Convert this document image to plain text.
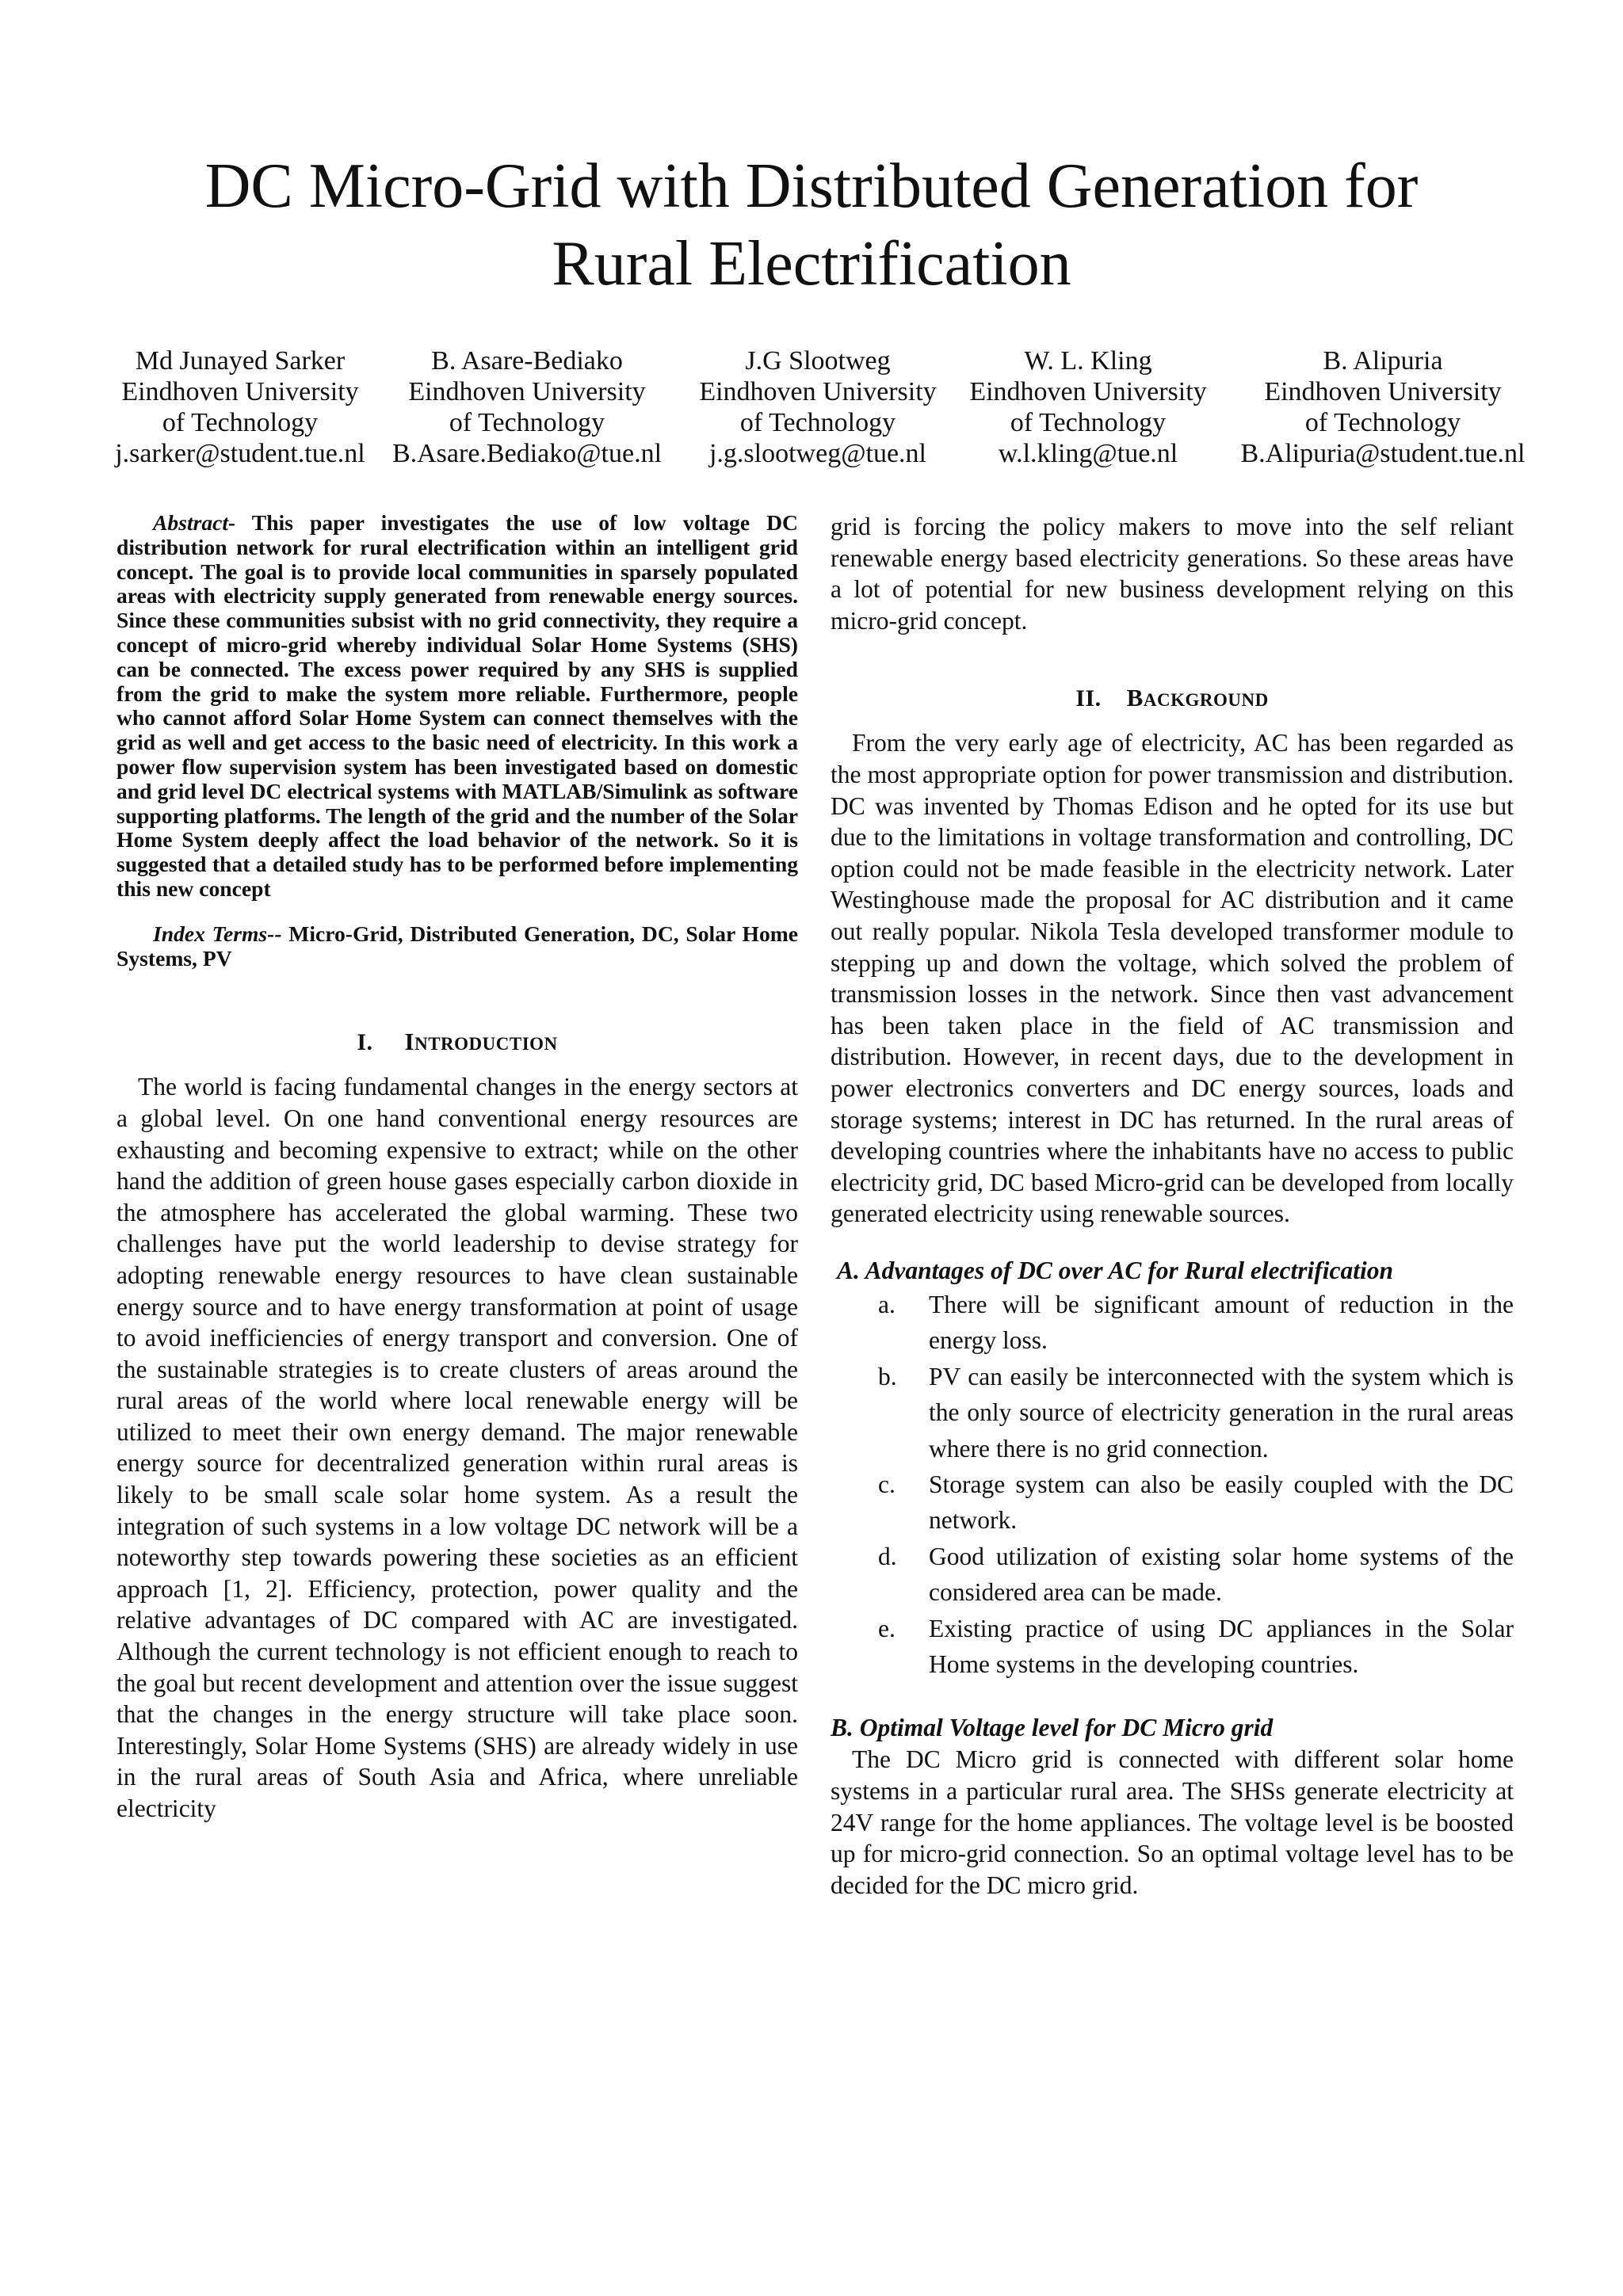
DC Micro-Grid with Distributed Generation for
Rural Electrification
Md Junayed Sarker
Eindhoven University
of Technology
j.sarker@student.tue.nl
B. Asare-Bediako
Eindhoven University
of Technology
B.Asare.Bediako@tue.nl
J.G Slootweg
Eindhoven University
of Technology
j.g.slootweg@tue.nl
W. L. Kling
Eindhoven University
of Technology
w.l.kling@tue.nl
B. Alipuria
Eindhoven University
of Technology
B.Alipuria@student.tue.nl

Abstract- This paper investigates the use of low voltage DC distribution network for rural electrification within an intelligent grid concept. The goal is to provide local communities in sparsely populated areas with electricity supply generated from renewable energy sources. Since these communities subsist with no grid connectivity, they require a concept of micro-grid whereby individual Solar Home Systems (SHS) can be connected. The excess power required by any SHS is supplied from the grid to make the system more reliable. Furthermore, people who cannot afford Solar Home System can connect themselves with the grid as well and get access to the basic need of electricity. In this work a power flow supervision system has been investigated based on domestic and grid level DC electrical systems with MATLAB/Simulink as software supporting platforms. The length of the grid and the number of the Solar Home System deeply affect the load behavior of the network. So it is suggested that a detailed study has to be performed before implementing this new concept

Index Terms-- Micro-Grid, Distributed Generation, DC, Solar Home Systems, PV

I. INTRODUCTION

The world is facing fundamental changes in the energy sectors at a global level. On one hand conventional energy resources are exhausting and becoming expensive to extract; while on the other hand the addition of green house gases especially carbon dioxide in the atmosphere has accelerated the global warming. These two challenges have put the world leadership to devise strategy for adopting renewable energy resources to have clean sustainable energy source and to have energy transformation at point of usage to avoid inefficiencies of energy transport and conversion. One of the sustainable strategies is to create clusters of areas around the rural areas of the world where local renewable energy will be utilized to meet their own energy demand. The major renewable energy source for decentralized generation within rural areas is likely to be small scale solar home system. As a result the integration of such systems in a low voltage DC network will be a noteworthy step towards powering these societies as an efficient approach [1, 2]. Efficiency, protection, power quality and the relative advantages of DC compared with AC are investigated. Although the current technology is not efficient enough to reach to the goal but recent development and attention over the issue suggest that the changes in the energy structure will take place soon. Interestingly, Solar Home Systems (SHS) are already widely in use in the rural areas of South Asia and Africa, where unreliable electricity

grid is forcing the policy makers to move into the self reliant renewable energy based electricity generations. So these areas have a lot of potential for new business development relying on this micro-grid concept.

II. BACKGROUND

From the very early age of electricity, AC has been regarded as the most appropriate option for power transmission and distribution. DC was invented by Thomas Edison and he opted for its use but due to the limitations in voltage transformation and controlling, DC option could not be made feasible in the electricity network. Later Westinghouse made the proposal for AC distribution and it came out really popular. Nikola Tesla developed transformer module to stepping up and down the voltage, which solved the problem of transmission losses in the network. Since then vast advancement has been taken place in the field of AC transmission and distribution. However, in recent days, due to the development in power electronics converters and DC energy sources, loads and storage systems; interest in DC has returned. In the rural areas of developing countries where the inhabitants have no access to public electricity grid, DC based Micro-grid can be developed from locally generated electricity using renewable sources.

A. Advantages of DC over AC for Rural electrification
a. There will be significant amount of reduction in the energy loss.
b. PV can easily be interconnected with the system which is the only source of electricity generation in the rural areas where there is no grid connection.
c. Storage system can also be easily coupled with the DC network.
d. Good utilization of existing solar home systems of the considered area can be made.
e. Existing practice of using DC appliances in the Solar Home systems in the developing countries.
B. Optimal Voltage level for DC Micro grid

The DC Micro grid is connected with different solar home systems in a particular rural area. The SHSs generate electricity at 24V range for the home appliances. The voltage level is be boosted up for micro-grid connection. So an optimal voltage level has to be decided for the DC micro grid.
